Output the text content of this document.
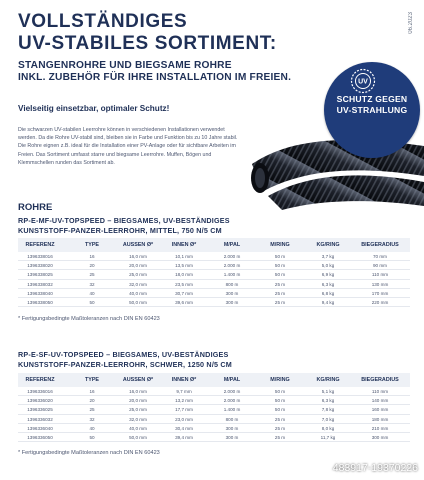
VOLLSTÄNDIGES
UV-STABILES SORTIMENT:
STANGENROHRE UND BIEGSAME ROHRE
INKL. ZUBEHÖR FÜR IHRE INSTALLATION IM FREIEN.
06.2023
Vielseitig einsetzbar, optimaler Schutz!
Die schwarzen UV-stabilen Leerrohre können in verschiedenen Installationen verwendet werden. Da die Rohre UV-stabil sind, bleiben sie in Farbe und Funktion bis zu 10 Jahre stabil. Die Rohre eignen z.B. ideal für die Installation einer PV-Anlage oder für sichtbare Arbeiten im Freien. Das Sortiment umfasst starre und biegsame Leerrohre. Muffen, Bögen und Klemmschellen runden das Sortiment ab.
UV
SCHUTZ GEGEN
UV-STRAHLUNG
ROHRE
RP-E-MF-UV-TOPSPEED – BIEGSAMES, UV-BESTÄNDIGES
KUNSTSTOFF-PANZER-LEERROHR, MITTEL, 750 N/5 CM
REFERENZ	TYPE	AUSSEN Ø*	INNEN Ø*	M/PAL	M/RING	KG/RING	BIEGERADIUS
1396338016	16	16,0 mm	10,1 mm	2.000 m	50 m	3,7 kg	70 mm
1396338020	20	20,0 mm	13,5 mm	2.000 m	50 m	5,0 kg	90 mm
1396338025	25	25,0 mm	18,0 mm	1.400 m	50 m	6,9 kg	110 mm
1396338032	32	32,0 mm	23,5 mm	800 m	25 m	6,3 kg	130 mm
1396338040	40	40,0 mm	30,7 mm	300 m	25 m	6,8 kg	170 mm
1396338050	50	50,0 mm	39,6 mm	300 m	25 m	9,4 kg	220 mm
* Fertigungsbedingte Maßtoleranzen nach DIN EN 60423
RP-E-SF-UV-TOPSPEED – BIEGSAMES, UV-BESTÄNDIGES
KUNSTSTOFF-PANZER-LEERROHR, SCHWER, 1250 N/5 CM
REFERENZ	TYPE	AUSSEN Ø*	INNEN Ø*	M/PAL	M/RING	KG/RING	BIEGERADIUS
1396336016	16	16,0 mm	9,7 mm	2.000 m	50 m	5,1 kg	110 mm
1396336020	20	20,0 mm	13,2 mm	2.000 m	50 m	6,3 kg	140 mm
1396336025	25	25,0 mm	17,7 mm	1.400 m	50 m	7,8 kg	160 mm
1396336032	32	32,0 mm	23,0 mm	800 m	25 m	7,0 kg	180 mm
1396336040	40	40,0 mm	30,4 mm	300 m	25 m	8,0 kg	210 mm
1396336050	50	50,0 mm	39,4 mm	300 m	25 m	11,7 kg	300 mm
* Fertigungsbedingte Maßtoleranzen nach DIN EN 60423
483917-19370226
